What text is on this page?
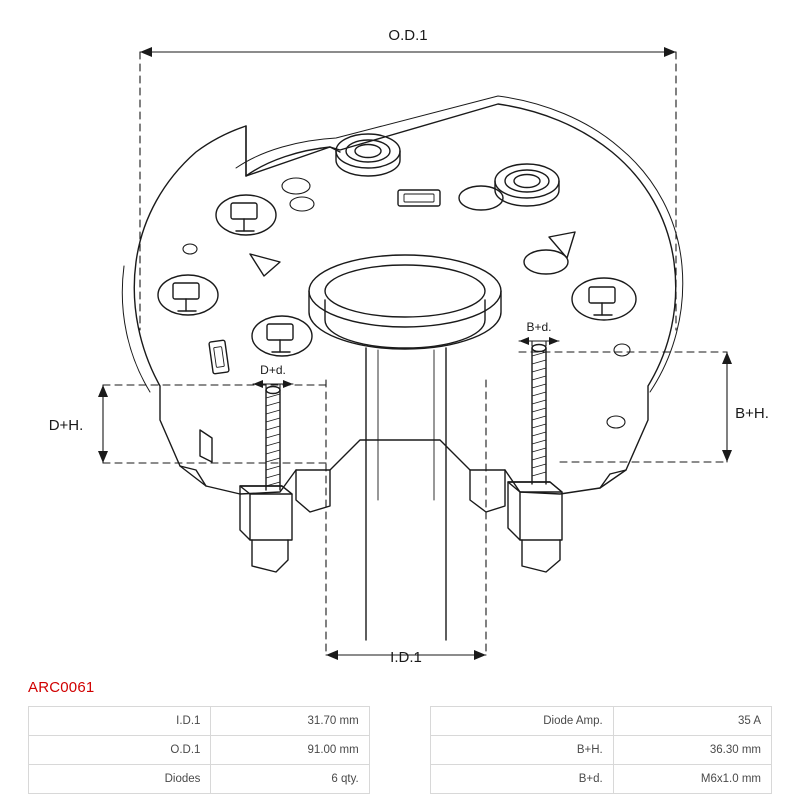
O.D.1
I.D.1
D+H.
D+d.
B+H.
B+d.
ARC0061
I.D.1	31.70 mm		Diode Amp.	35 A
O.D.1	91.00 mm		B+H.	36.30 mm
Diodes	6 qty.		B+d.	M6x1.0 mm
